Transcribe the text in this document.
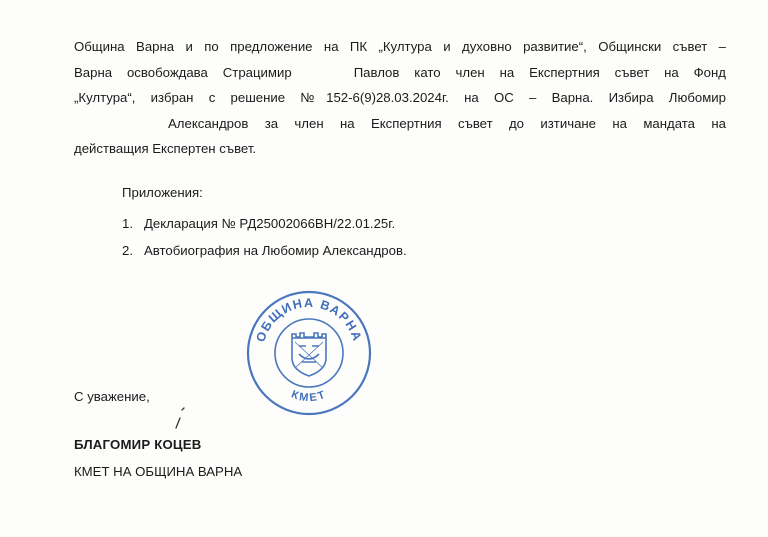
Община Варна и по предложение на ПК „Култура и духовно развитие“, Общински съвет –
Варна освобождава Страцимир	Павлов като член на Експертния съвет на Фонд
„Култура“, избран с решение №152-6(9)28.03.2024г. на ОС – Варна. Избира Любомир
Александров за член на Експертния съвет до изтичане на мандата на
действащия Експертен съвет.
Приложения:
1. Декларация № РД25002066ВН/22.01.25г.
2. Автобиография на Любомир Александров.
ОБЩИНА ВАРНА
КМЕТ
С уважение,
БЛАГОМИР КОЦЕВ
КМЕТ НА ОБЩИНА ВАРНА
